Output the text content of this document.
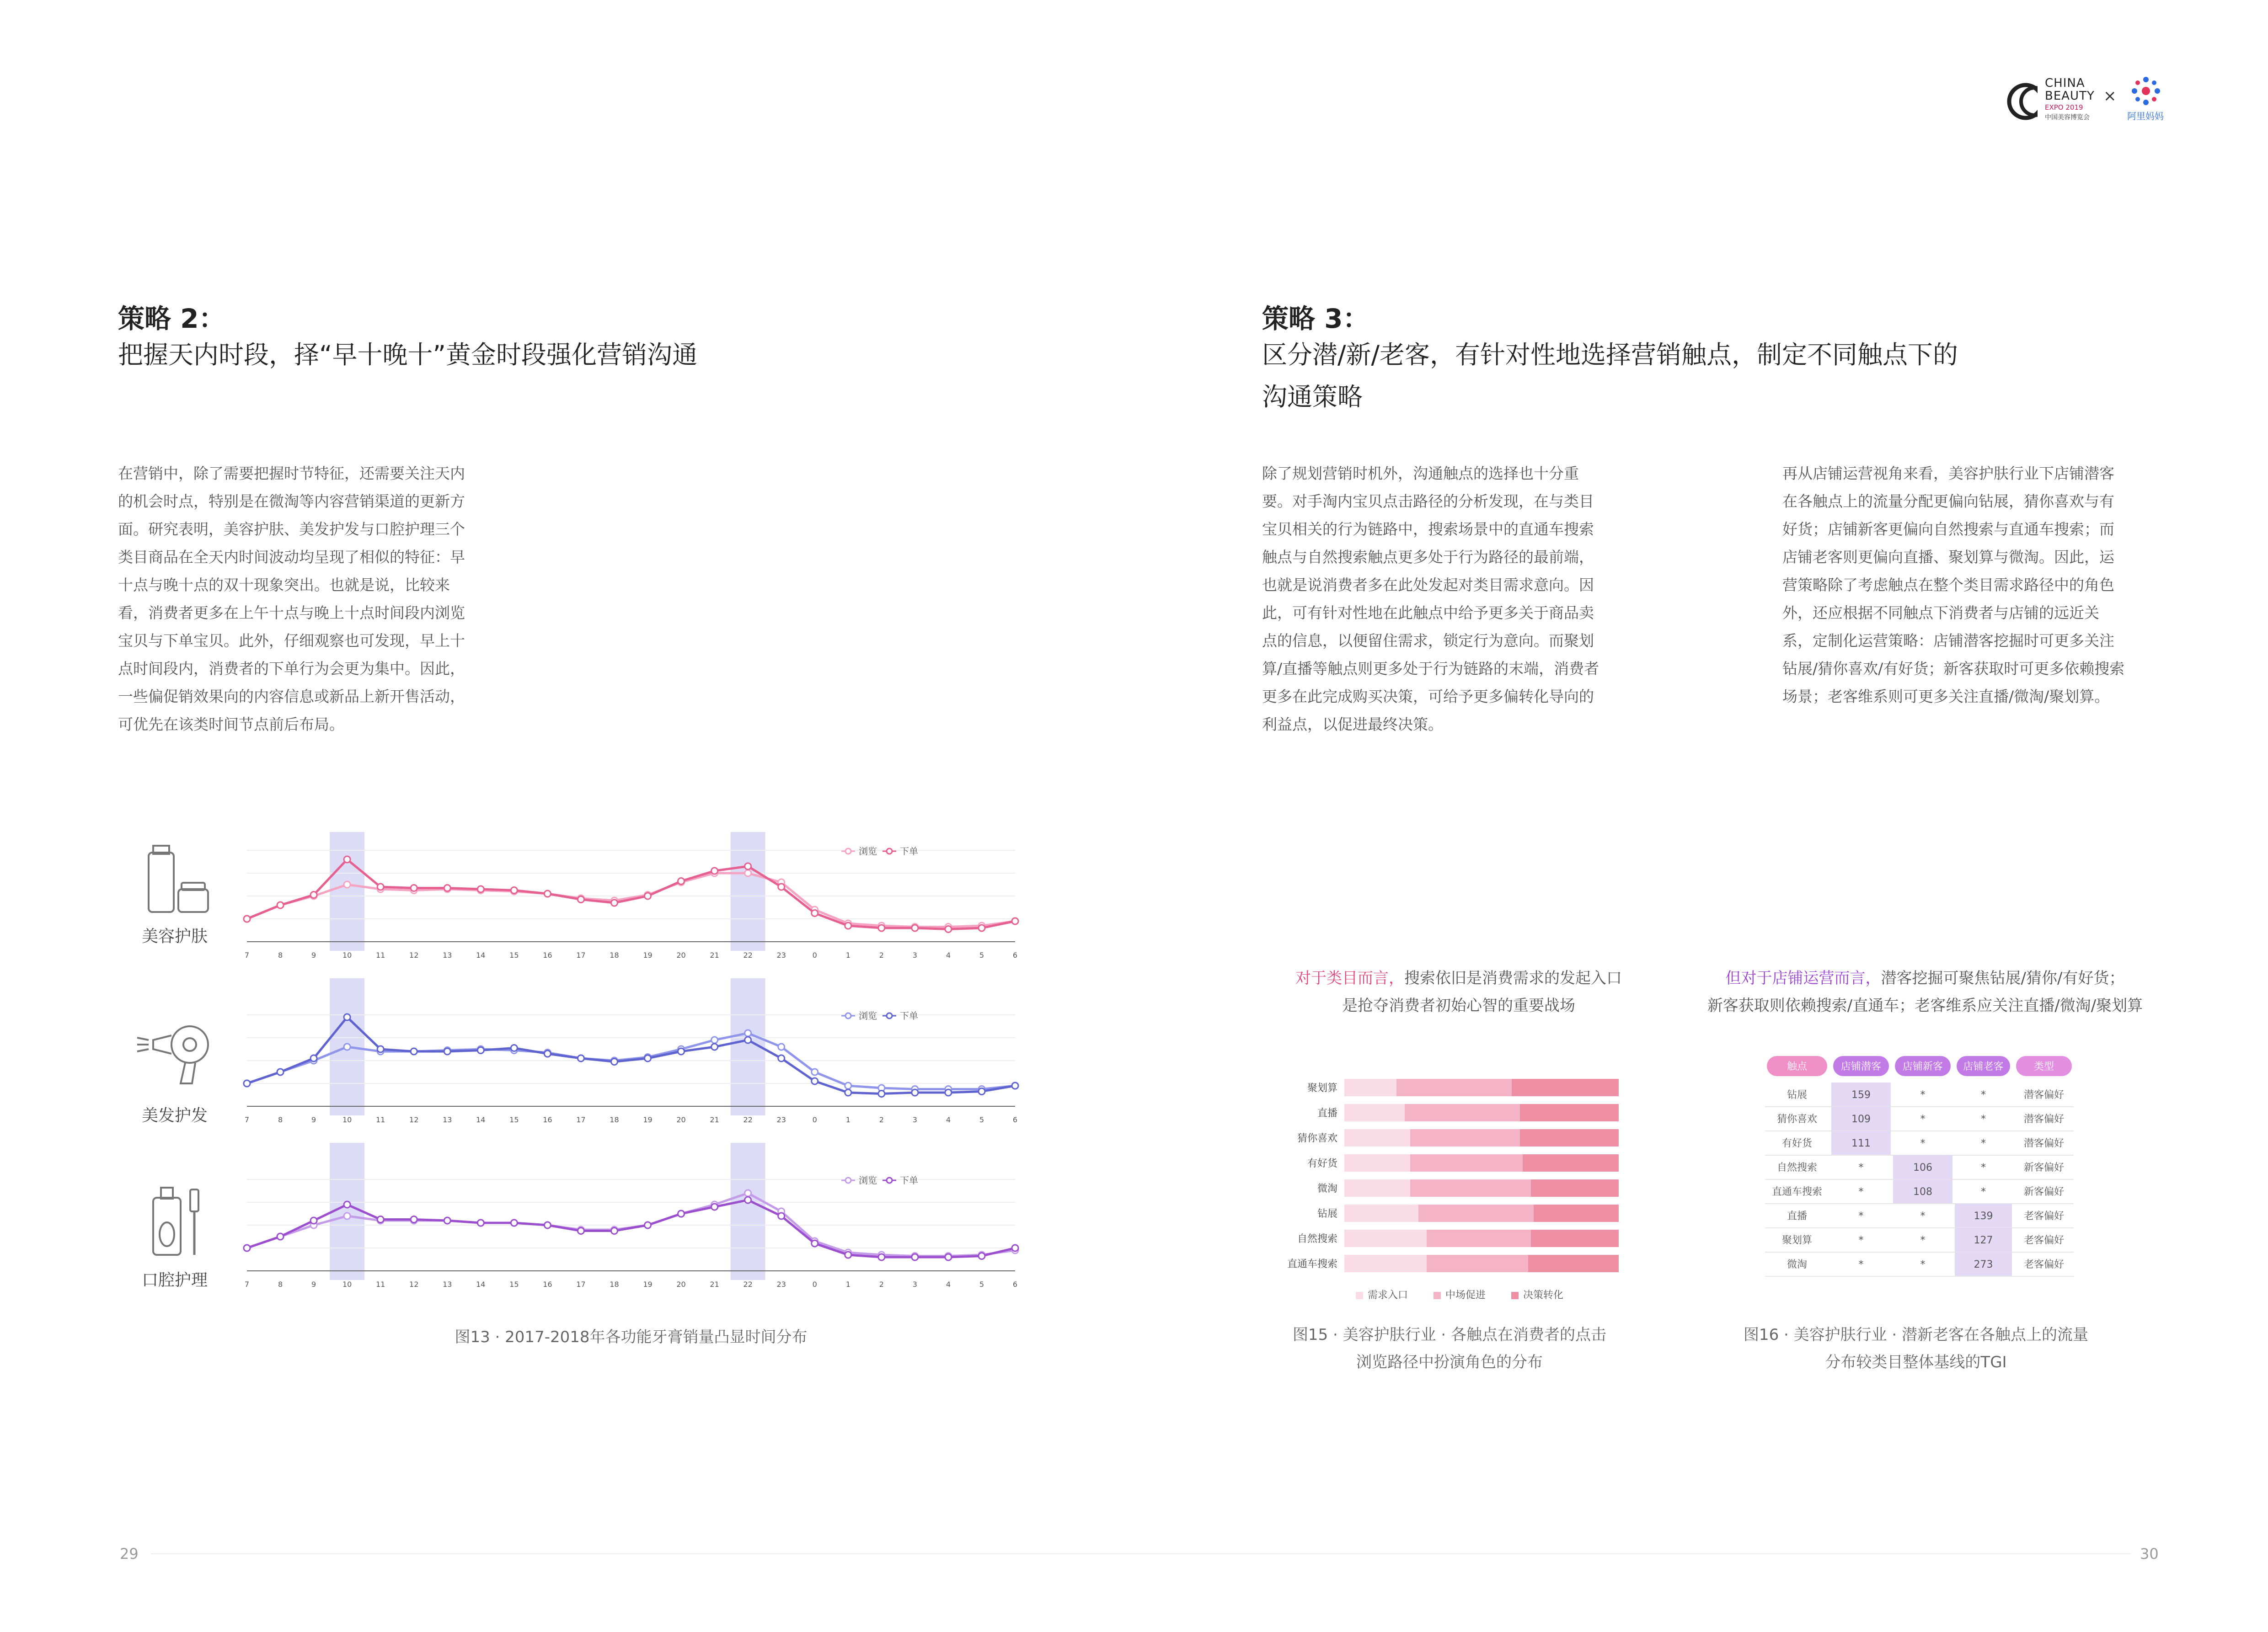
CHINA BEAUTY
EXPO 2019
中国美容博览会
×
阿里妈妈
策略 2：
把握天内时段，择“早十晚十”黄金时段强化营销沟通
在营销中，除了需要把握时节特征，还需要关注天内
的机会时点，特别是在微淘等内容营销渠道的更新方
面。研究表明，美容护肤、美发护发与口腔护理三个
类目商品在全天内时间波动均呈现了相似的特征：早
十点与晚十点的双十现象突出。也就是说，比较来
看，消费者更多在上午十点与晚上十点时间段内浏览
宝贝与下单宝贝。此外，仔细观察也可发现，早上十
点时间段内，消费者的下单行为会更为集中。因此，
一些偏促销效果向的内容信息或新品上新开售活动，
可优先在该类时间节点前后布局。
美容护肤
美发护发
口腔护理
7	8	9	10	11	12	13	14	15	16	17	18	19	20	21	22	23	0	1	2	3	4	5	6
浏览	下单
7	8	9	10	11	12	13	14	15	16	17	18	19	20	21	22	23	0	1	2	3	4	5	6
浏览	下单
7	8	9	10	11	12	13	14	15	16	17	18	19	20	21	22	23	0	1	2	3	4	5	6
浏览	下单
图13 · 2017-2018年各功能牙膏销量凸显时间分布
策略 3：
区分潜/新/老客，有针对性地选择营销触点，制定不同触点下的
沟通策略
除了规划营销时机外，沟通触点的选择也十分重
要。对手淘内宝贝点击路径的分析发现，在与类目
宝贝相关的行为链路中，搜索场景中的直通车搜索
触点与自然搜索触点更多处于行为路径的最前端，
也就是说消费者多在此处发起对类目需求意向。因
此，可有针对性地在此触点中给予更多关于商品卖
点的信息，以便留住需求，锁定行为意向。而聚划
算/直播等触点则更多处于行为链路的末端，消费者
更多在此完成购买决策，可给予更多偏转化导向的
利益点，以促进最终决策。
再从店铺运营视角来看，美容护肤行业下店铺潜客
在各触点上的流量分配更偏向钻展，猜你喜欢与有
好货；店铺新客更偏向自然搜索与直通车搜索；而
店铺老客则更偏向直播、聚划算与微淘。因此，运
营策略除了考虑触点在整个类目需求路径中的角色
外，还应根据不同触点下消费者与店铺的远近关
系，定制化运营策略：店铺潜客挖掘时可更多关注
钻展/猜你喜欢/有好货；新客获取时可更多依赖搜索
场景；老客维系则可更多关注直播/微淘/聚划算。
对于类目而言，搜索依旧是消费需求的发起入口
是抢夺消费者初始心智的重要战场
但对于店铺运营而言，潜客挖掘可聚焦钻展/猜你/有好货；
新客获取则依赖搜索/直通车；老客维系应关注直播/微淘/聚划算
聚划算
直播
猜你喜欢
有好货
微淘
钻展
自然搜索
直通车搜索
需求入口	中场促进	决策转化
触点	店铺潜客 店铺新客 店铺老客	类型
钻展	159	*	*	潜客偏好
猜你喜欢	109	*	*	潜客偏好
有好货	111	*	*	潜客偏好
自然搜索	*	106	*	新客偏好
直通车搜索	*	108	*	新客偏好
直播	*	*	139	老客偏好
聚划算	*	*	127	老客偏好
微淘	*	*	273	老客偏好
图15 · 美容护肤行业 · 各触点在消费者的点击
浏览路径中扮演角色的分布
图16 · 美容护肤行业 · 潜新老客在各触点上的流量
分布较类目整体基线的TGI
29	30
